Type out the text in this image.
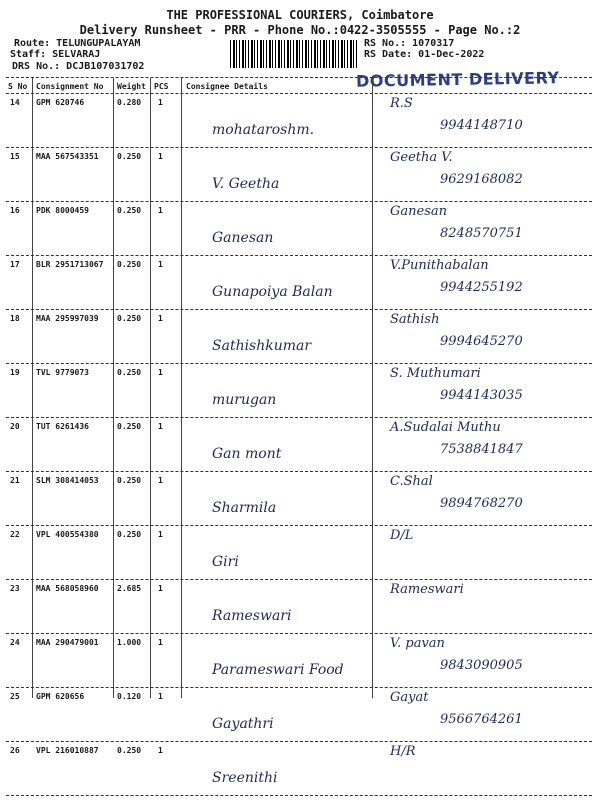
THE PROFESSIONAL COURIERS, Coimbatore
Delivery Runsheet - PRR - Phone No.:0422-3505555 - Page No.:2
Route: TELUNGUPALAYAM
Staff: SELVARAJ
DRS No.: DCJB107031702
RS No.: 1070317
RS Date: 01-Dec-2022
DOCUMENT DELIVERY
S No Consignment No Weight PCS Consignee Details
14 GPM 620746	0.280 1
mohataroshm.
R.S
9944148710
15 MAA 567543351 0.250 1
V. Geetha
Geetha V.
9629168082
16 PDK 8000459	0.250 1
Ganesan
Ganesan
8248570751
17 BLR 2951713067 0.250 1
Gunapoiya Balan
V.Punithabalan
9944255192
18 MAA 295997039 0.250 1
Sathishkumar
Sathish
9994645270
19 TVL 9779073	0.250 1
murugan
S. Muthumari
9944143035
20 TUT 6261436	0.250 1
Gan mont
A.Sudalai Muthu
7538841847
21 SLM 308414053 0.250 1
Sharmila
C.Shal
9894768270
22 VPL 400554380 0.250 1
Giri
D/L
23 MAA 568058960 2.685 1
Rameswari
Rameswari
24 MAA 290479001 1.000 1
Parameswari Food
V. pavan
9843090905
25 GPM 620656	0.120 1
Gayathri
Gayat
9566764261
26 VPL 216010887 0.250 1
Sreenithi
H/R
